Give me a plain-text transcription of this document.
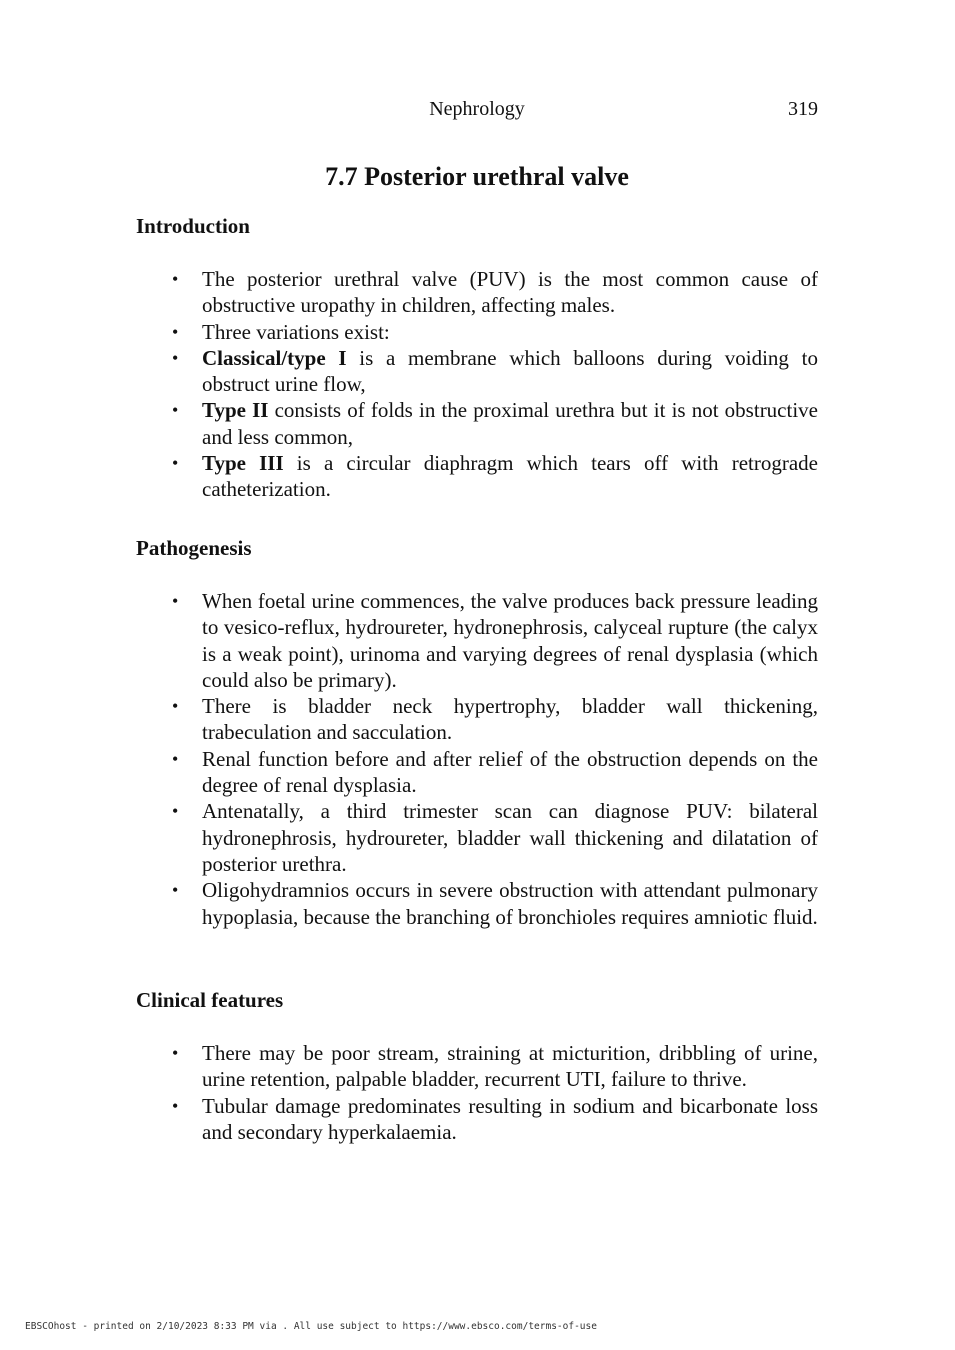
Nephrology	319
7.7 Posterior urethral valve
Introduction
• The posterior urethral valve (PUV) is the most common cause of obstructive uropathy in children, affecting males.
• Three variations exist:
• Classical/type I is a membrane which balloons during voiding to obstruct urine flow,
• Type II consists of folds in the proximal urethra but it is not obstructive and less common,
• Type III is a circular diaphragm which tears off with retrograde catheterization.
Pathogenesis
• When foetal urine commences, the valve produces back pressure leading to vesico-reflux, hydroureter, hydronephrosis, calyceal rupture (the calyx is a weak point), urinoma and varying degrees of renal dysplasia (which could also be primary).
• There is bladder neck hypertrophy, bladder wall thickening, trabeculation and sacculation.
• Renal function before and after relief of the obstruction depends on the degree of renal dysplasia.
• Antenatally, a third trimester scan can diagnose PUV: bilateral hydronephrosis, hydroureter, bladder wall thickening and dilatation of posterior urethra.
• Oligohydramnios occurs in severe obstruction with attendant pulmonary hypoplasia, because the branching of bronchioles requires amniotic fluid.
Clinical features
• There may be poor stream, straining at micturition, dribbling of urine, urine retention, palpable bladder, recurrent UTI, failure to thrive.
• Tubular damage predominates resulting in sodium and bicarbonate loss and secondary hyperkalaemia.
EBSCOhost - printed on 2/10/2023 8:33 PM via . All use subject to https://www.ebsco.com/terms-of-use
